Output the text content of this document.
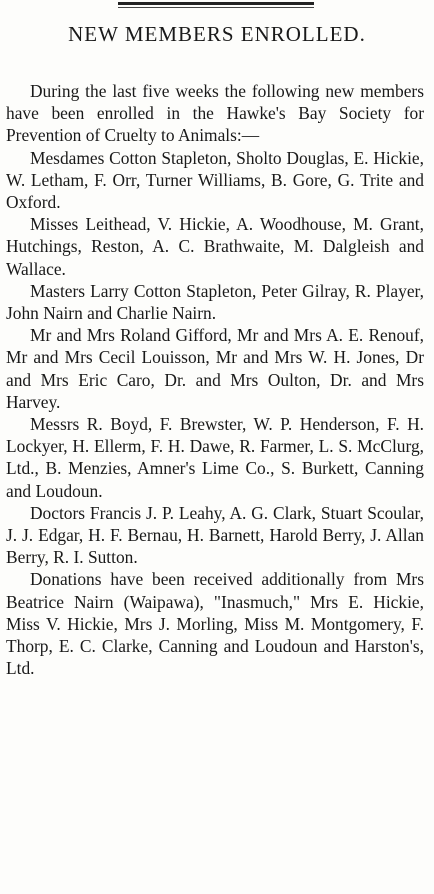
NEW MEMBERS ENROLLED.

During the last five weeks the following new members have been enrolled in the Hawke's Bay Society for Prevention of Cruelty to Animals:—

Mesdames Cotton Stapleton, Sholto Douglas, E. Hickie, W. Letham, F. Orr, Turner Williams, B. Gore, G. Trite and Oxford.

Misses Leithead, V. Hickie, A. Woodhouse, M. Grant, Hutchings, Reston, A. C. Brathwaite, M. Dalgleish and Wallace.

Masters Larry Cotton Stapleton, Peter Gilray, R. Player, John Nairn and Charlie Nairn.

Mr and Mrs Roland Gifford, Mr and Mrs A. E. Renouf, Mr and Mrs Cecil Louisson, Mr and Mrs W. H. Jones, Dr and Mrs Eric Caro, Dr. and Mrs Oulton, Dr. and Mrs Harvey.

Messrs R. Boyd, F. Brewster, W. P. Henderson, F. H. Lockyer, H. Ellerm, F. H. Dawe, R. Farmer, L. S. McClurg, Ltd., B. Menzies, Amner's Lime Co., S. Burkett, Canning and Loudoun.

Doctors Francis J. P. Leahy, A. G. Clark, Stuart Scoular, J. J. Edgar, H. F. Bernau, H. Barnett, Harold Berry, J. Allan Berry, R. I. Sutton.

Donations have been received additionally from Mrs Beatrice Nairn (Waipawa), "Inasmuch," Mrs E. Hickie, Miss V. Hickie, Mrs J. Morling, Miss M. Montgomery, F. Thorp, E. C. Clarke, Canning and Loudoun and Harston's, Ltd.
